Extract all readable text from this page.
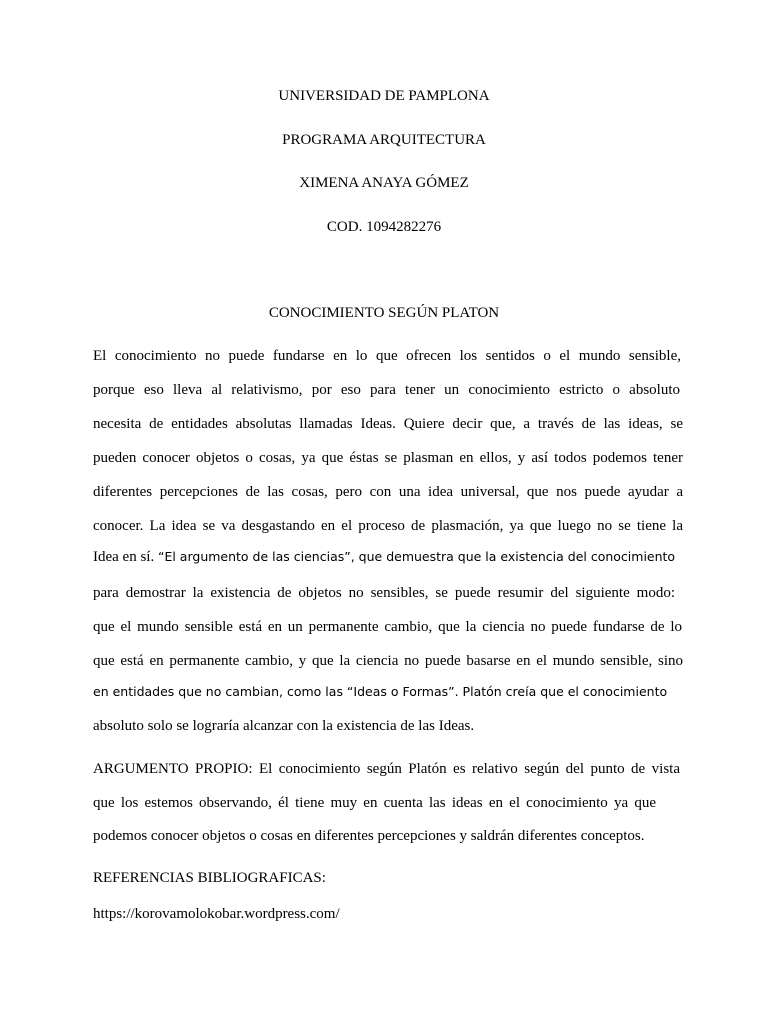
UNIVERSIDAD DE PAMPLONA
PROGRAMA ARQUITECTURA
XIMENA ANAYA GÓMEZ
COD. 1094282276
CONOCIMIENTO SEGÚN PLATON
El conocimiento no puede fundarse en lo que ofrecen los sentidos o el mundo sensible,
porque eso lleva al relativismo, por eso para tener un conocimiento estricto o absoluto
necesita de entidades absolutas llamadas Ideas. Quiere decir que, a través de las ideas, se
pueden conocer objetos o cosas, ya que éstas se plasman en ellos, y así todos podemos tener
diferentes percepciones de las cosas, pero con una idea universal, que nos puede ayudar a
conocer. La idea se va desgastando en el proceso de plasmación, ya que luego no se tiene la
Idea en sí. “El argumento de las ciencias”, que demuestra que la existencia del conocimiento
para demostrar la existencia de objetos no sensibles, se puede resumir del siguiente modo:
que el mundo sensible está en un permanente cambio, que la ciencia no puede fundarse de lo
que está en permanente cambio, y que la ciencia no puede basarse en el mundo sensible, sino
en entidades que no cambian, como las “Ideas o Formas”. Platón creía que el conocimiento
absoluto solo se lograría alcanzar con la existencia de las Ideas.
ARGUMENTO PROPIO: El conocimiento según Platón es relativo según del punto de vista
que los estemos observando, él tiene muy en cuenta las ideas en el conocimiento ya que
podemos conocer objetos o cosas en diferentes percepciones y saldrán diferentes conceptos.
REFERENCIAS BIBLIOGRAFICAS:
https://korovamolokobar.wordpress.com/
